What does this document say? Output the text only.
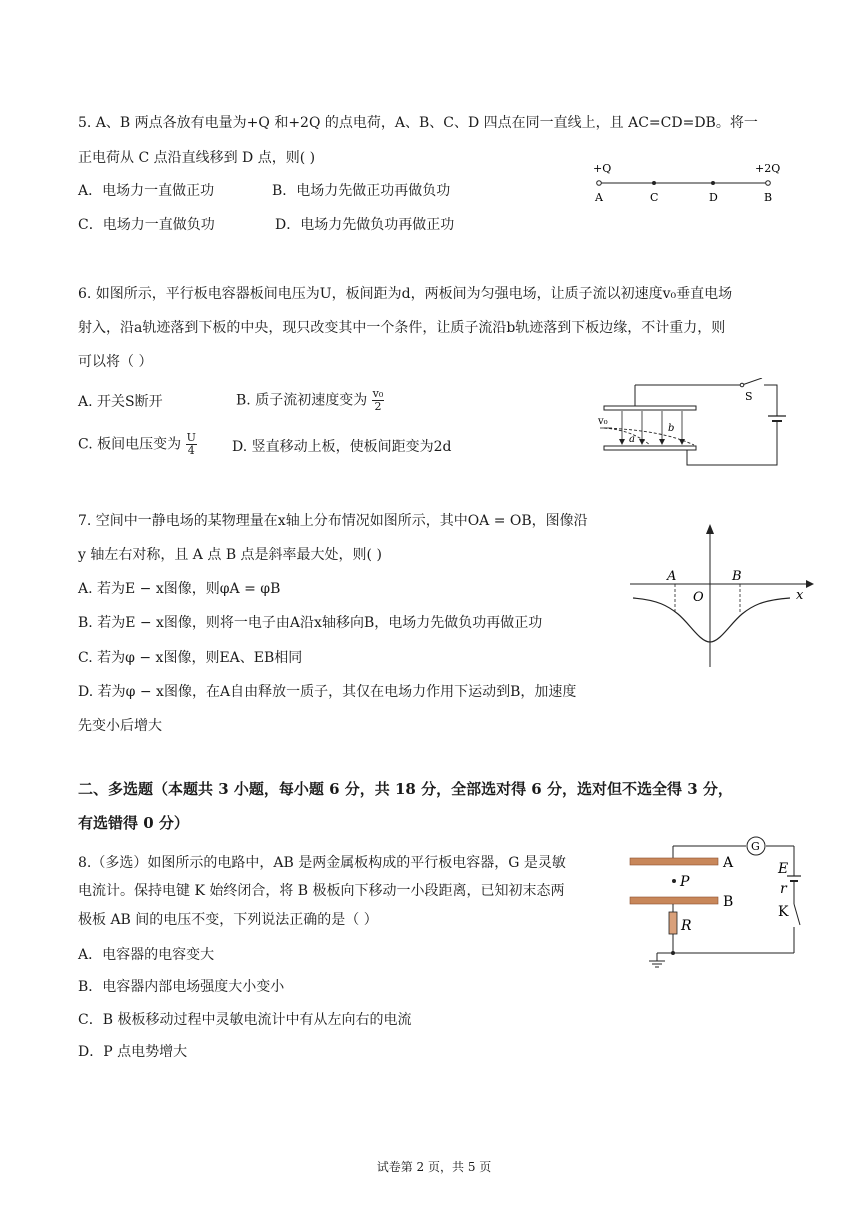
5. A、B 两点各放有电量为+Q 和+2Q 的点电荷，A、B、C、D 四点在同一直线上，且 AC=CD=DB。将一
正电荷从 C 点沿直线移到 D 点，则( )
A．电场力一直做正功	B．电场力先做正功再做负功
C．电场力一直做负功	D．电场力先做负功再做正功
+Q	+2Q
A	C	D	B
6. 如图所示，平行板电容器板间电压为U，板间距为d，两板间为匀强电场，让质子流以初速度v₀垂直电场
射入，沿a轨迹落到下板的中央，现只改变其中一个条件，让质子流沿b轨迹落到下板边缘，不计重力，则
可以将（ ）
A. 开关S断开	B. 质子流初速度变为 $\frac{\text{v₀}}{2}$
C. 板间电压变为 $\frac{U}{4}$	D. 竖直移动上板，使板间距变为2d
S
v₀
a
b
7. 空间中一静电场的某物理量在x轴上分布情况如图所示，其中OA = OB，图像沿
y 轴左右对称，且 A 点 B 点是斜率最大处，则( )
A. 若为E − x图像，则φA = φB
B. 若为E − x图像，则将一电子由A沿x轴移向B，电场力先做负功再做正功
C. 若为φ − x图像，则EA、EB相同
D. 若为φ − x图像，在A自由释放一质子，其仅在电场力作用下运动到B，加速度
先变小后增大
A	B
O	x
二、多选题（本题共 3 小题，每小题 6 分，共 18 分，全部选对得 6 分，选对但不选全得 3 分，
有选错得 0 分）
8.（多选）如图所示的电路中，AB 是两金属板构成的平行板电容器，G 是灵敏
电流计。保持电键 K 始终闭合，将 B 极板向下移动一小段距离，已知初末态两
极板 AB 间的电压不变，下列说法正确的是（ ）
A．电容器的电容变大
B．电容器内部电场强度大小变小
C．B 极板移动过程中灵敏电流计中有从左向右的电流
D．P 点电势增大
G
A
P
B
R
E
r
K
试卷第 2 页，共 5 页
